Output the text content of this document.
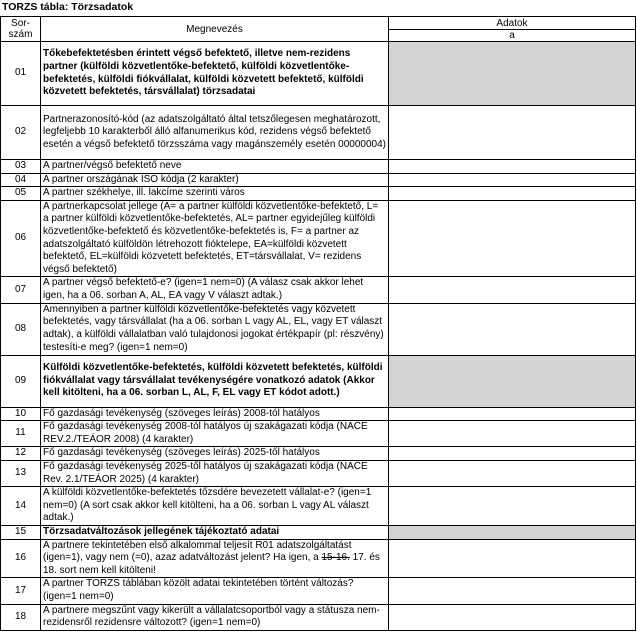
TORZS tábla: Törzsadatok
Sor-
szám	Megnevezés	Adatok
		a
01	Tőkebefektetésben érintett végső befektető, illetve nem-rezidens partner (külföldi közvetlentőke-befektető, külföldi közvetlentőke-befektetés, külföldi fiókvállalat, külföldi közvetett befektető, külföldi közvetett befektetés, társvállalat) törzsadatai	
02	Partnerazonosító-kód (az adatszolgáltató által tetszőlegesen meghatározott, legfeljebb 10 karakterből álló alfanumerikus kód, rezidens végső befektető esetén a végső befektető törzsszáma vagy magánszemély esetén 00000004)	
03	A partner/végső befektető neve	
04	A partner országának ISO kódja (2 karakter)	
05	A partner székhelye, ill. lakcíme szerinti város	
06	A partnerkapcsolat jellege (A= a partner külföldi közvetlentőke-befektető, L= a partner külföldi közvetlentőke-befektetés, AL= partner egyidejűleg külföldi közvetlentőke-befektető és közvetlentőke-befektetés is, F= a partner az adatszolgáltató külföldön létrehozott fióktelepe, EA=külföldi közvetett befektető, EL=külföldi közvetett befektetés, ET=társvállalat, V= rezidens végső befektető)	
07	A partner végső befektető-e? (igen=1 nem=0) (A válasz csak akkor lehet igen, ha a 06. sorban A, AL, EA vagy V választ adtak.)	
08	Amennyiben a partner külföldi közvetlentőke-befektetés vagy közvetett befektetés, vagy társvállalat (ha a 06. sorban L vagy AL, EL, vagy ET választ adtak), a külföldi vállalatban való tulajdonosi jogokat értékpapír (pl: részvény) testesíti-e meg? (igen=1 nem=0)	
09	Külföldi közvetlentőke-befektetés, külföldi közvetett befektetés, külföldi fiókvállalat vagy társvállalat tevékenységére vonatkozó adatok (Akkor kell kitölteni, ha a 06. sorban L, AL, F, EL vagy ET kódot adott.)	
10	Fő gazdasági tevékenység (szöveges leírás) 2008-tól hatályos	
11	Fő gazdasági tevékenység 2008-tól hatályos új szakágazati kódja (NACE REV.2./TEÁOR 2008) (4 karakter)	
12	Fő gazdasági tevékenység (szöveges leírás) 2025-től hatályos	
13	Fő gazdasági tevékenység 2025-től hatályos új szakágazati kódja (NACE Rev. 2.1/TEÁOR 2025) (4 karakter)	
14	A külföldi közvetlentőke-befektetés tőzsdére bevezetett vállalat-e? (igen=1 nem=0) (A sort csak akkor kell kitölteni, ha a 06. sorban L vagy AL választ adtak.)	
15	Törzsadatváltozások jellegének tájékoztató adatai	
16	A partnere tekintetében első alkalommal teljesít R01 adatszolgáltatást (igen=1), vagy nem (=0), azaz adatváltozást jelent? Ha igen, a 15-16. 17. és 18. sort nem kell kitölteni!	
17	A partner TORZS táblában közölt adatai tekintetében történt változás? (igen=1 nem=0)	
18	A partnere megszűnt vagy kikerült a vállalatcsoportból vagy a státusza nem-rezidensről rezidensre változott? (igen=1 nem=0)	
